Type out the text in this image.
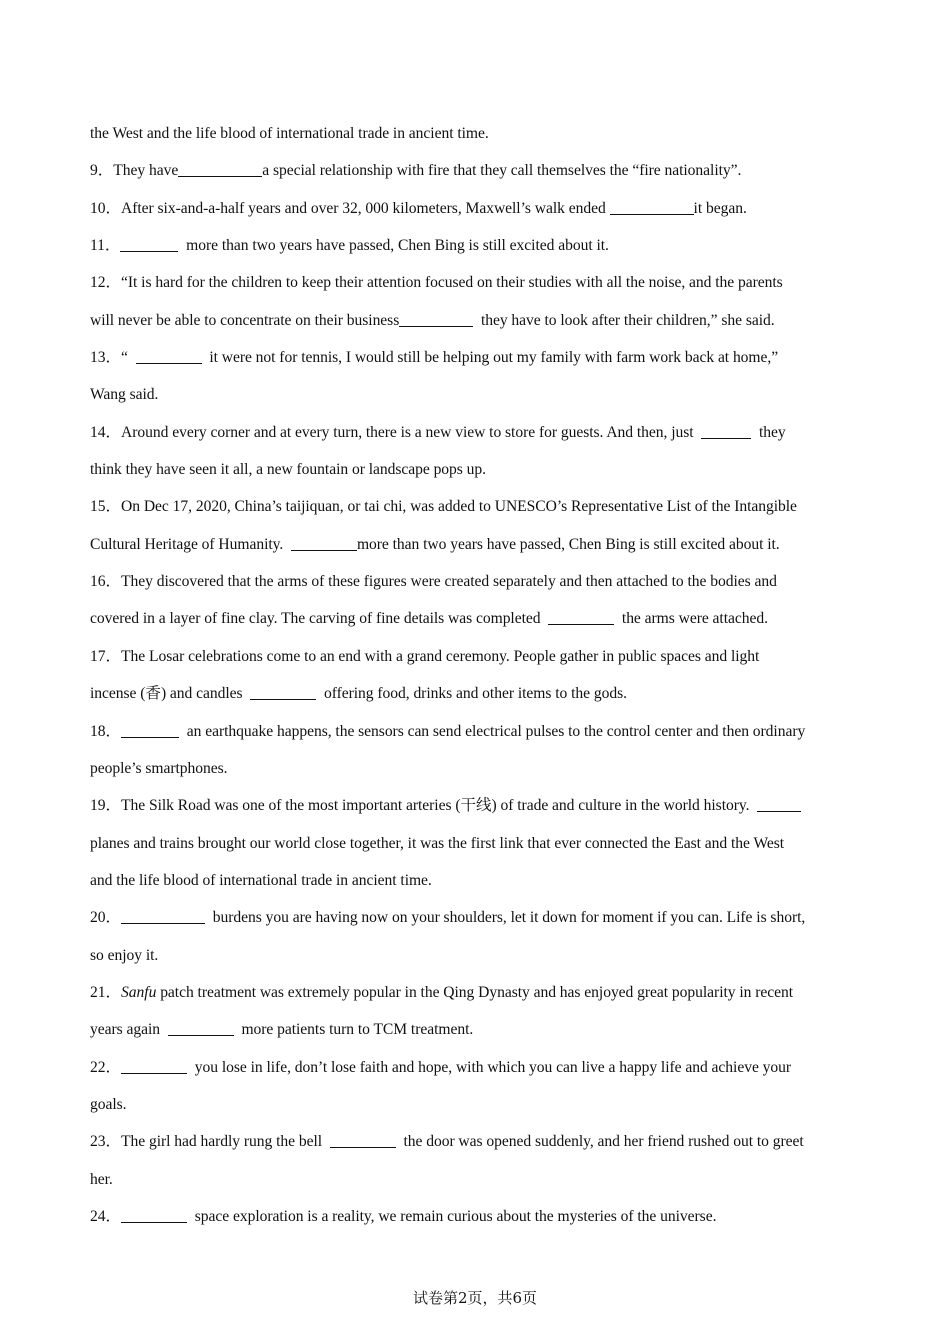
the West and the life blood of international trade in ancient time.
9．They have	a special relationship with fire that they call themselves the “fire nationality”.
10．After six-and-a-half years and over 32, 000 kilometers, Maxwell’s walk ended	it began.
11．	more than two years have passed, Chen Bing is still excited about it.
12．“It is hard for the children to keep their attention focused on their studies with all the noise, and the parents
will never be able to concentrate on their business	they have to look after their children,” she said.
13．“	it were not for tennis, I would still be helping out my family with farm work back at home,”
Wang said.
14．Around every corner and at every turn, there is a new view to store for guests. And then, just	they
think they have seen it all, a new fountain or landscape pops up.
15．On Dec 17, 2020, China’s taijiquan, or tai chi, was added to UNESCO’s Representative List of the Intangible
Cultural Heritage of Humanity.	more than two years have passed, Chen Bing is still excited about it.
16．They discovered that the arms of these figures were created separately and then attached to the bodies and
covered in a layer of fine clay. The carving of fine details was completed	the arms were attached.
17．The Losar celebrations come to an end with a grand ceremony. People gather in public spaces and light
incense (香) and candles	offering food, drinks and other items to the gods.
18．	an earthquake happens, the sensors can send electrical pulses to the control center and then ordinary
people’s smartphones.
19．The Silk Road was one of the most important arteries (干线) of trade and culture in the world history.
planes and trains brought our world close together, it was the first link that ever connected the East and the West
and the life blood of international trade in ancient time.
20．	burdens you are having now on your shoulders, let it down for moment if you can. Life is short,
so enjoy it.
21．Sanfu patch treatment was extremely popular in the Qing Dynasty and has enjoyed great popularity in recent
years again	more patients turn to TCM treatment.
22．	you lose in life, don’t lose faith and hope, with which you can live a happy life and achieve your
goals.
23．The girl had hardly rung the bell	the door was opened suddenly, and her friend rushed out to greet
her.
24．	space exploration is a reality, we remain curious about the mysteries of the universe.
试卷第2页，共6页
